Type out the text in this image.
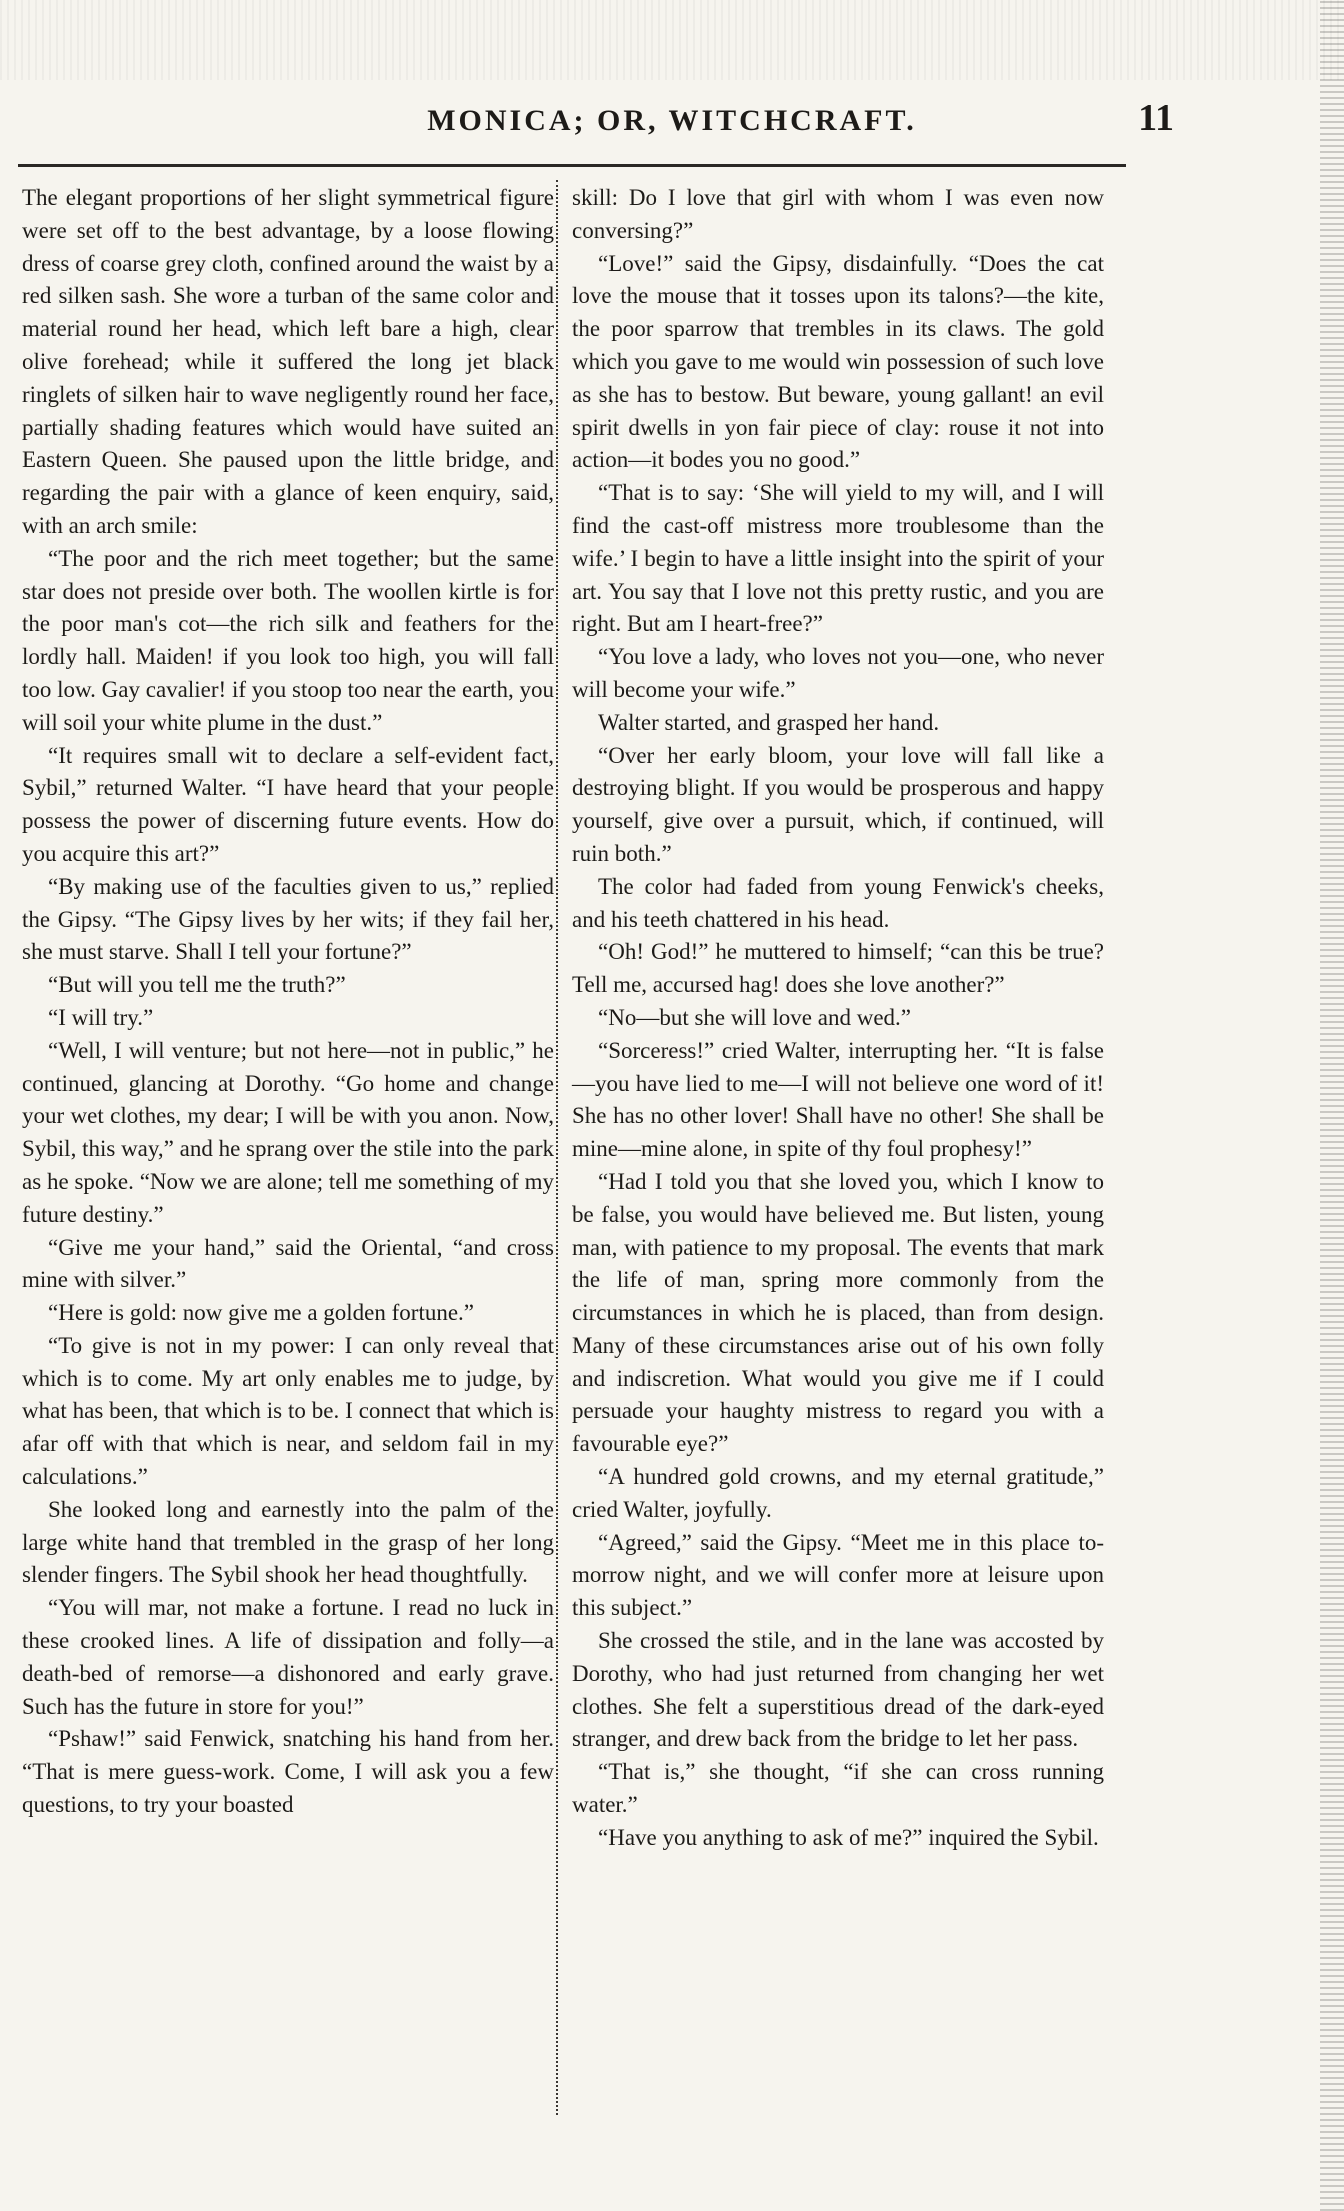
MONICA; OR, WITCHCRAFT.	11

The elegant proportions of her slight symmetrical figure were set off to the best advantage, by a loose flowing dress of coarse grey cloth, confined around the waist by a red silken sash. She wore a turban of the same color and material round her head, which left bare a high, clear olive forehead; while it suffered the long jet black ringlets of silken hair to wave negligently round her face, partially shading features which would have suited an Eastern Queen. She paused upon the little bridge, and regarding the pair with a glance of keen enquiry, said, with an arch smile:

“The poor and the rich meet together; but the same star does not preside over both. The woollen kirtle is for the poor man's cot—the rich silk and feathers for the lordly hall. Maiden! if you look too high, you will fall too low. Gay cavalier! if you stoop too near the earth, you will soil your white plume in the dust.”

“It requires small wit to declare a self-evident fact, Sybil,” returned Walter. “I have heard that your people possess the power of discerning future events. How do you acquire this art?”

“By making use of the faculties given to us,” replied the Gipsy. “The Gipsy lives by her wits; if they fail her, she must starve. Shall I tell your fortune?”

“But will you tell me the truth?”

“I will try.”

“Well, I will venture; but not here—not in public,” he continued, glancing at Dorothy. “Go home and change your wet clothes, my dear; I will be with you anon. Now, Sybil, this way,” and he sprang over the stile into the park as he spoke. “Now we are alone; tell me something of my future destiny.”

“Give me your hand,” said the Oriental, “and cross mine with silver.”

“Here is gold: now give me a golden fortune.”

“To give is not in my power: I can only reveal that which is to come. My art only enables me to judge, by what has been, that which is to be. I connect that which is afar off with that which is near, and seldom fail in my calculations.”

She looked long and earnestly into the palm of the large white hand that trembled in the grasp of her long slender fingers. The Sybil shook her head thoughtfully.

“You will mar, not make a fortune. I read no luck in these crooked lines. A life of dissipation and folly—a death-bed of remorse—a dishonored and early grave. Such has the future in store for you!”

“Pshaw!” said Fenwick, snatching his hand from her. “That is mere guess-work. Come, I will ask you a few questions, to try your boasted

skill: Do I love that girl with whom I was even now conversing?”

“Love!” said the Gipsy, disdainfully. “Does the cat love the mouse that it tosses upon its talons?—the kite, the poor sparrow that trembles in its claws. The gold which you gave to me would win possession of such love as she has to bestow. But beware, young gallant! an evil spirit dwells in yon fair piece of clay: rouse it not into action—it bodes you no good.”

“That is to say: ‘She will yield to my will, and I will find the cast-off mistress more troublesome than the wife.’ I begin to have a little insight into the spirit of your art. You say that I love not this pretty rustic, and you are right. But am I heart-free?”

“You love a lady, who loves not you—one, who never will become your wife.”

Walter started, and grasped her hand.

“Over her early bloom, your love will fall like a destroying blight. If you would be prosperous and happy yourself, give over a pursuit, which, if continued, will ruin both.”

The color had faded from young Fenwick's cheeks, and his teeth chattered in his head.

“Oh! God!” he muttered to himself; “can this be true? Tell me, accursed hag! does she love another?”

“No—but she will love and wed.”

“Sorceress!” cried Walter, interrupting her. “It is false—you have lied to me—I will not believe one word of it! She has no other lover! Shall have no other! She shall be mine—mine alone, in spite of thy foul prophesy!”

“Had I told you that she loved you, which I know to be false, you would have believed me. But listen, young man, with patience to my proposal. The events that mark the life of man, spring more commonly from the circumstances in which he is placed, than from design. Many of these circumstances arise out of his own folly and indiscretion. What would you give me if I could persuade your haughty mistress to regard you with a favourable eye?”

“A hundred gold crowns, and my eternal gratitude,” cried Walter, joyfully.

“Agreed,” said the Gipsy. “Meet me in this place to-morrow night, and we will confer more at leisure upon this subject.”

She crossed the stile, and in the lane was accosted by Dorothy, who had just returned from changing her wet clothes. She felt a superstitious dread of the dark-eyed stranger, and drew back from the bridge to let her pass.

“That is,” she thought, “if she can cross running water.”

“Have you anything to ask of me?” inquired the Sybil.
